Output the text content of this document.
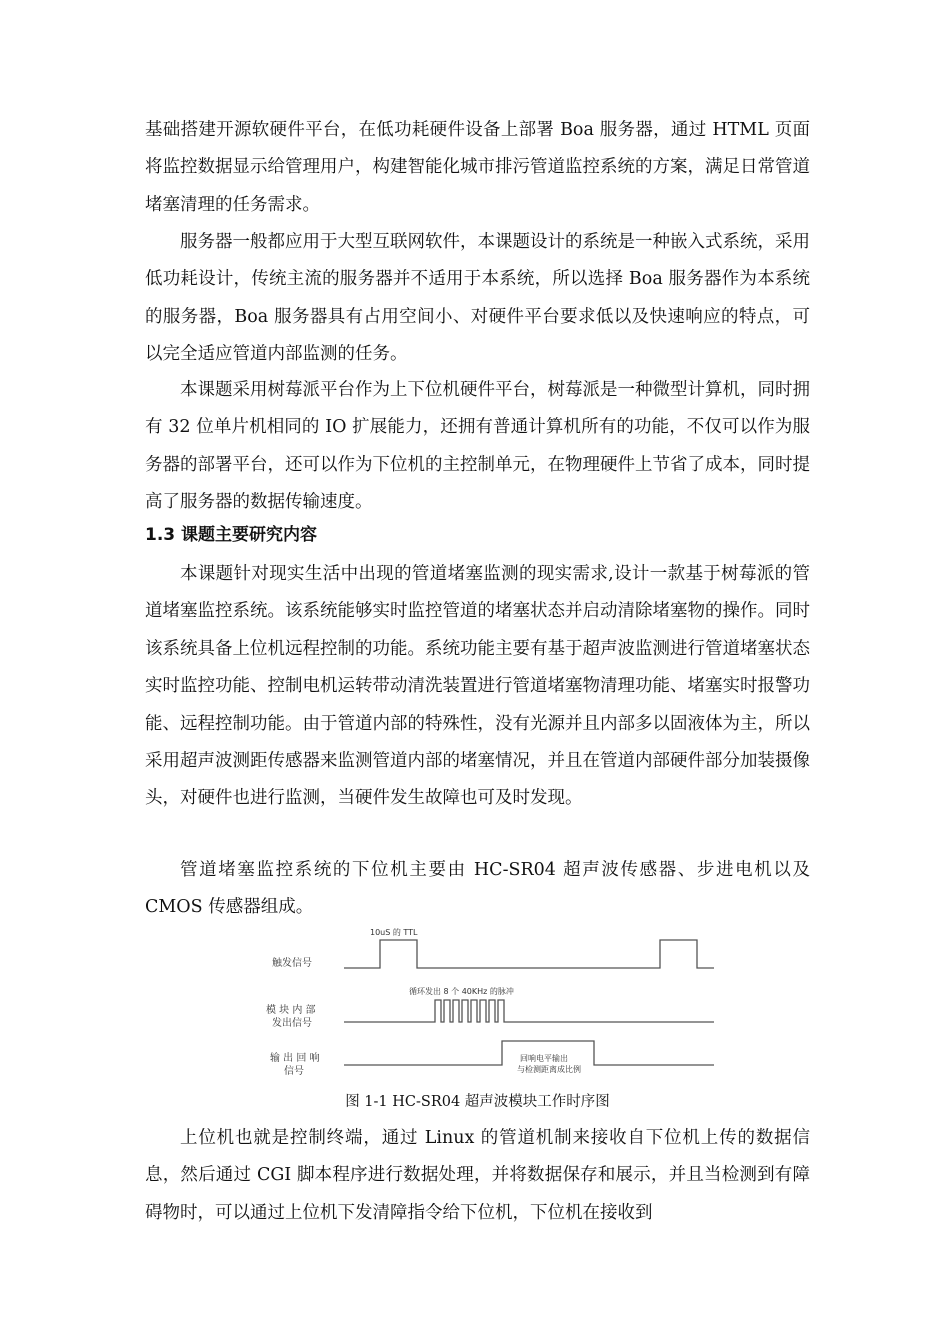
基础搭建开源软硬件平台，在低功耗硬件设备上部署 Boa 服务器，通过 HTML 页面将监控数据显示给管理用户，构建智能化城市排污管道监控系统的方案，满足日常管道堵塞清理的任务需求。

服务器一般都应用于大型互联网软件，本课题设计的系统是一种嵌入式系统，采用低功耗设计，传统主流的服务器并不适用于本系统，所以选择 Boa 服务器作为本系统的服务器，Boa 服务器具有占用空间小、对硬件平台要求低以及快速响应的特点，可以完全适应管道内部监测的任务。

本课题采用树莓派平台作为上下位机硬件平台，树莓派是一种微型计算机，同时拥有 32 位单片机相同的 IO 扩展能力，还拥有普通计算机所有的功能，不仅可以作为服务器的部署平台，还可以作为下位机的主控制单元，在物理硬件上节省了成本，同时提高了服务器的数据传输速度。

1.3 课题主要研究内容

本课题针对现实生活中出现的管道堵塞监测的现实需求,设计一款基于树莓派的管道堵塞监控系统。该系统能够实时监控管道的堵塞状态并启动清除堵塞物的操作。同时该系统具备上位机远程控制的功能。系统功能主要有基于超声波监测进行管道堵塞状态实时监控功能、控制电机运转带动清洗装置进行管道堵塞物清理功能、堵塞实时报警功能、远程控制功能。由于管道内部的特殊性，没有光源并且内部多以固液体为主，所以采用超声波测距传感器来监测管道内部的堵塞情况，并且在管道内部硬件部分加装摄像头，对硬件也进行监测，当硬件发生故障也可及时发现。

管道堵塞监控系统的下位机主要由 HC-SR04 超声波传感器、步进电机以及 CMOS 传感器组成。

触发信号
模 块 内 部
发出信号
输 出 回 响
信号
10uS 的 TTL
循环发出 8 个 40KHz 的脉冲
回响电平输出
与检测距离成比例

图 1-1 HC-SR04 超声波模块工作时序图

上位机也就是控制终端，通过 Linux 的管道机制来接收自下位机上传的数据信息，然后通过 CGI 脚本程序进行数据处理，并将数据保存和展示，并且当检测到有障碍物时，可以通过上位机下发清障指令给下位机，下位机在接收到
